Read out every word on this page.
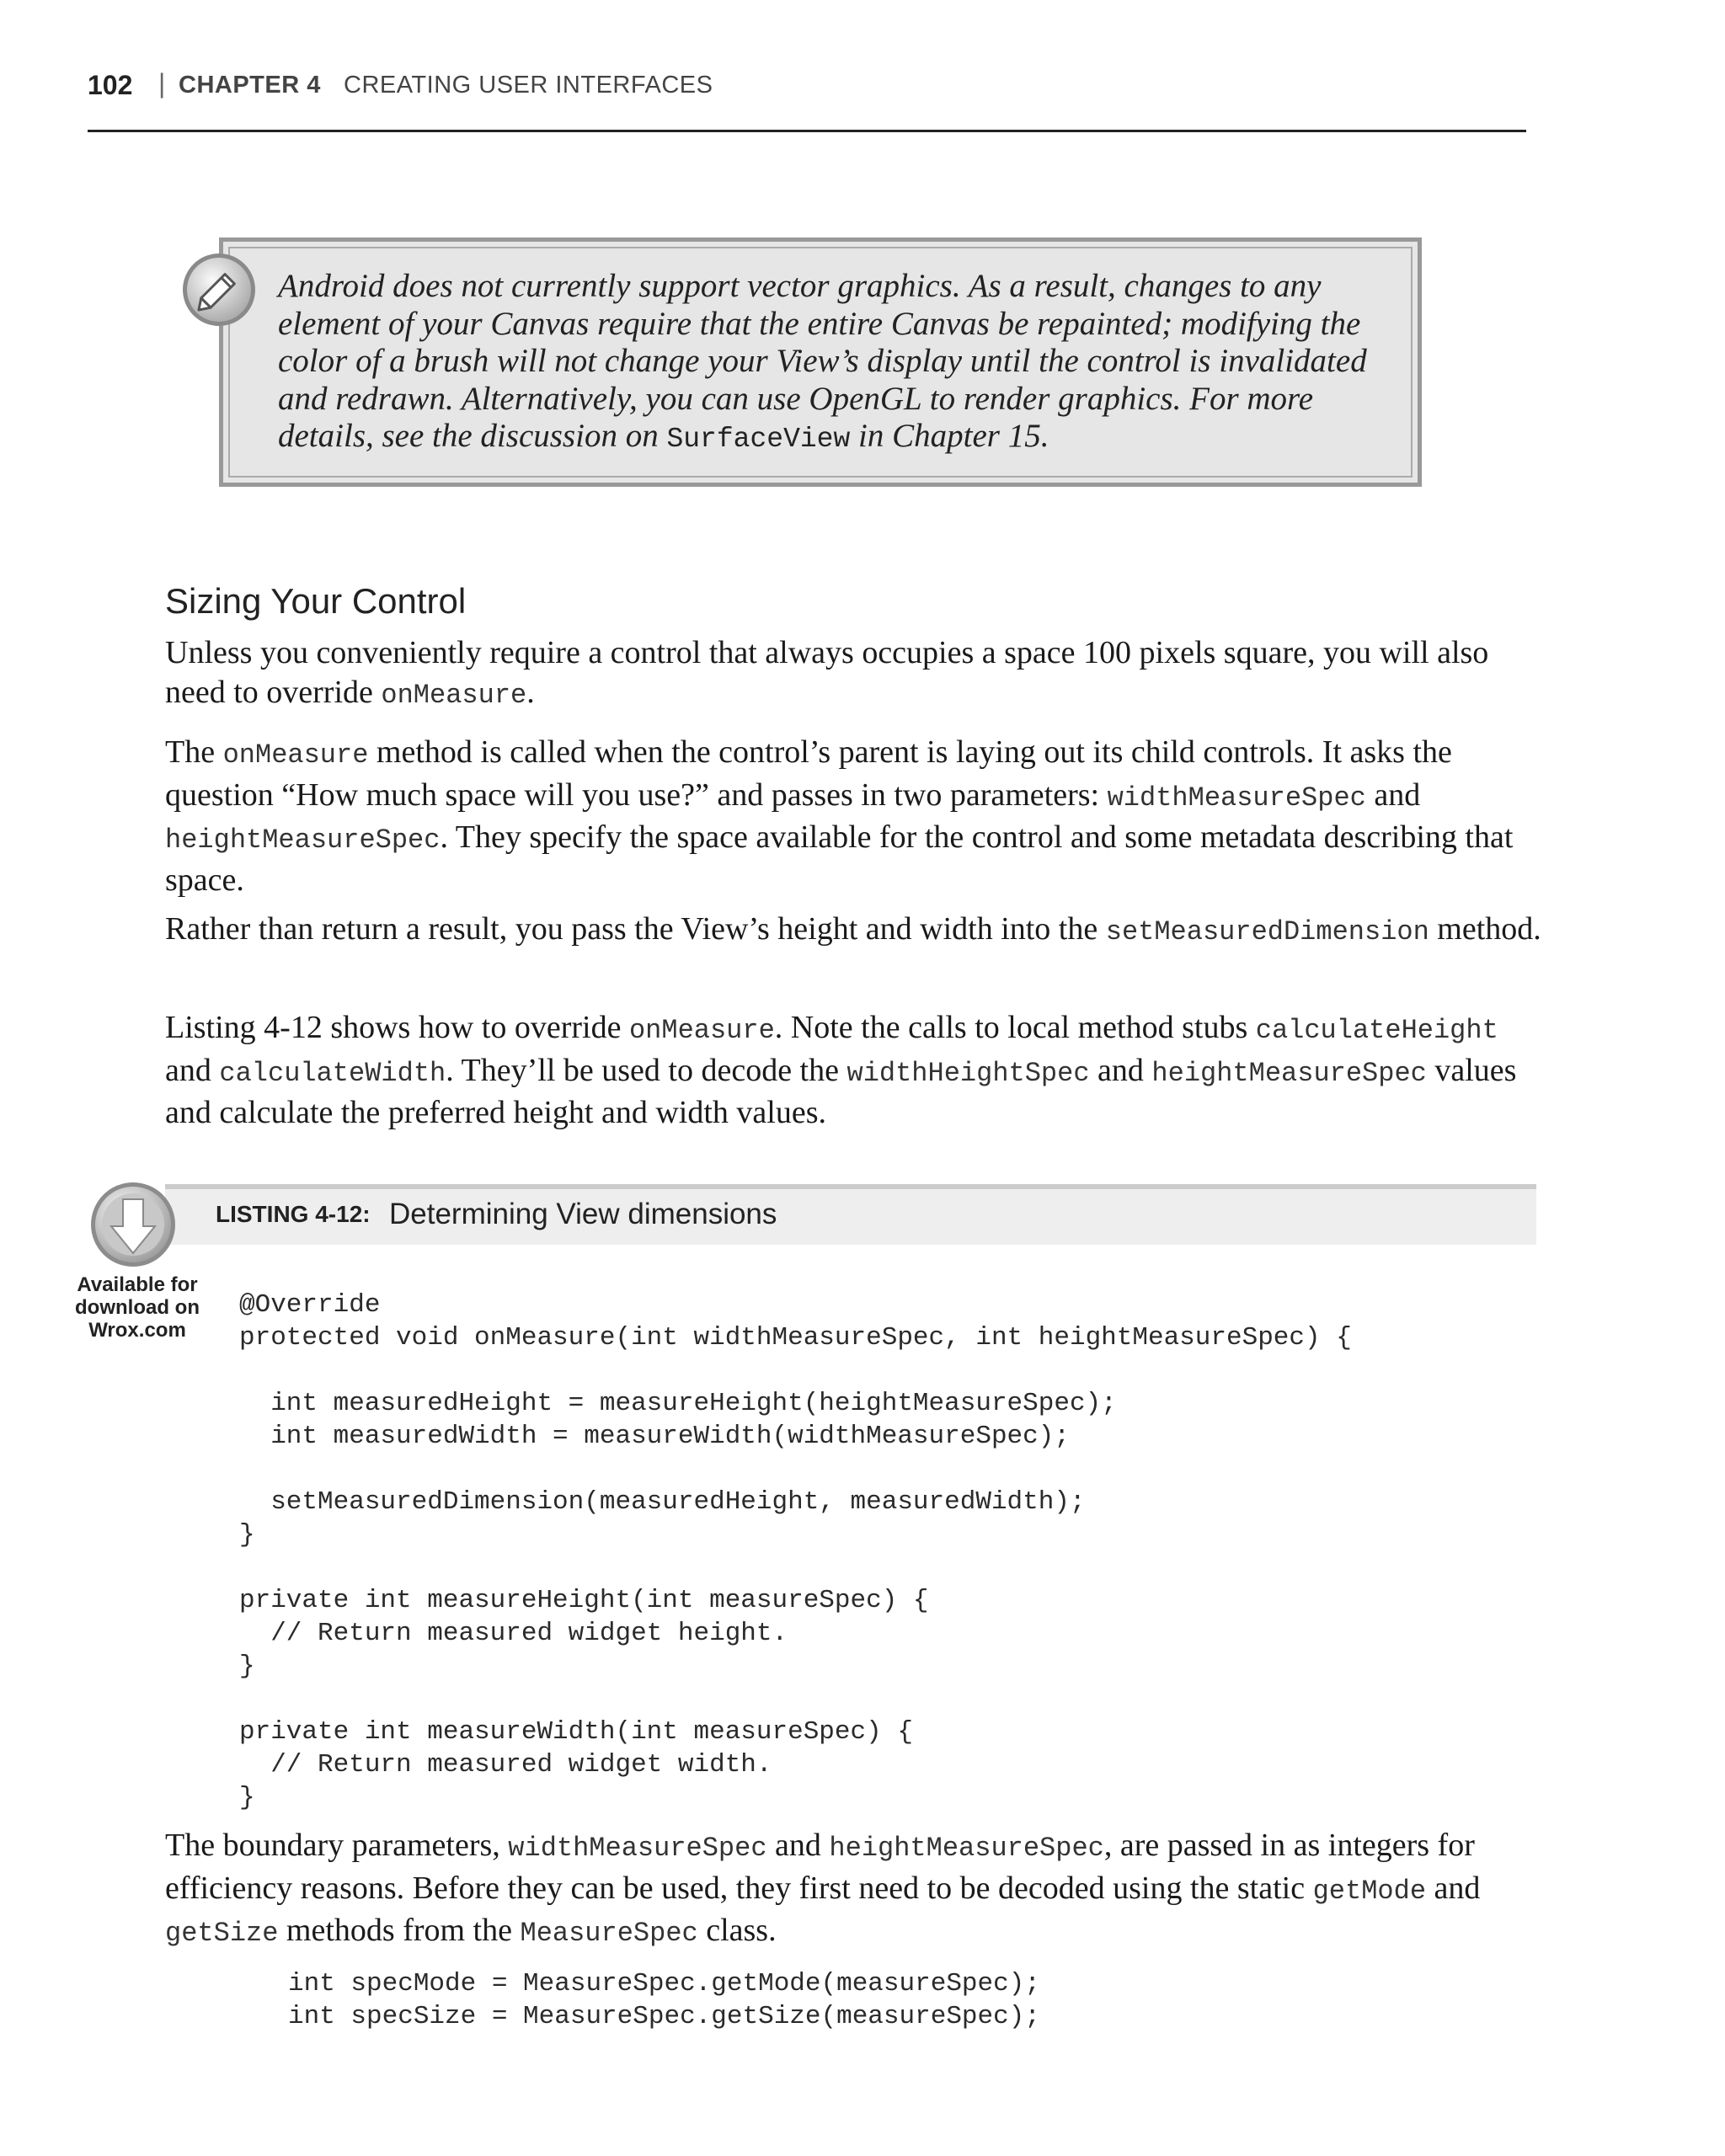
102 | CHAPTER 4 CREATING USER INTERFACES
Android does not currently support vector graphics. As a result, changes to any
element of your Canvas require that the entire Canvas be repainted; modifying the
color of a brush will not change your View’s display until the control is invalidated
and redrawn. Alternatively, you can use OpenGL to render graphics. For more
details, see the discussion on SurfaceView in Chapter 15.
Sizing Your Control
Unless you conveniently require a control that always occupies a space 100 pixels square, you will also need to override onMeasure.
The onMeasure method is called when the control’s parent is laying out its child controls. It asks the question “How much space will you use?” and passes in two parameters: widthMeasureSpec and heightMeasureSpec. They specify the space available for the control and some metadata describing that space.
Rather than return a result, you pass the View’s height and width into the setMeasuredDimension method.
Listing 4-12 shows how to override onMeasure. Note the calls to local method stubs calculateHeight and calculateWidth. They’ll be used to decode the widthHeightSpec and heightMeasureSpec values and calculate the preferred height and width values.
LISTING 4-12: Determining View dimensions
Available for
download on
Wrox.com
@Override
protected void onMeasure(int widthMeasureSpec, int heightMeasureSpec) {

int measuredHeight = measureHeight(heightMeasureSpec);
int measuredWidth = measureWidth(widthMeasureSpec);

setMeasuredDimension(measuredHeight, measuredWidth);
}

private int measureHeight(int measureSpec) {
// Return measured widget height.
}

private int measureWidth(int measureSpec) {
// Return measured widget width.
}
The boundary parameters, widthMeasureSpec and heightMeasureSpec, are passed in as integers for efficiency reasons. Before they can be used, they first need to be decoded using the static getMode and getSize methods from the MeasureSpec class.
int specMode = MeasureSpec.getMode(measureSpec);
int specSize = MeasureSpec.getSize(measureSpec);
